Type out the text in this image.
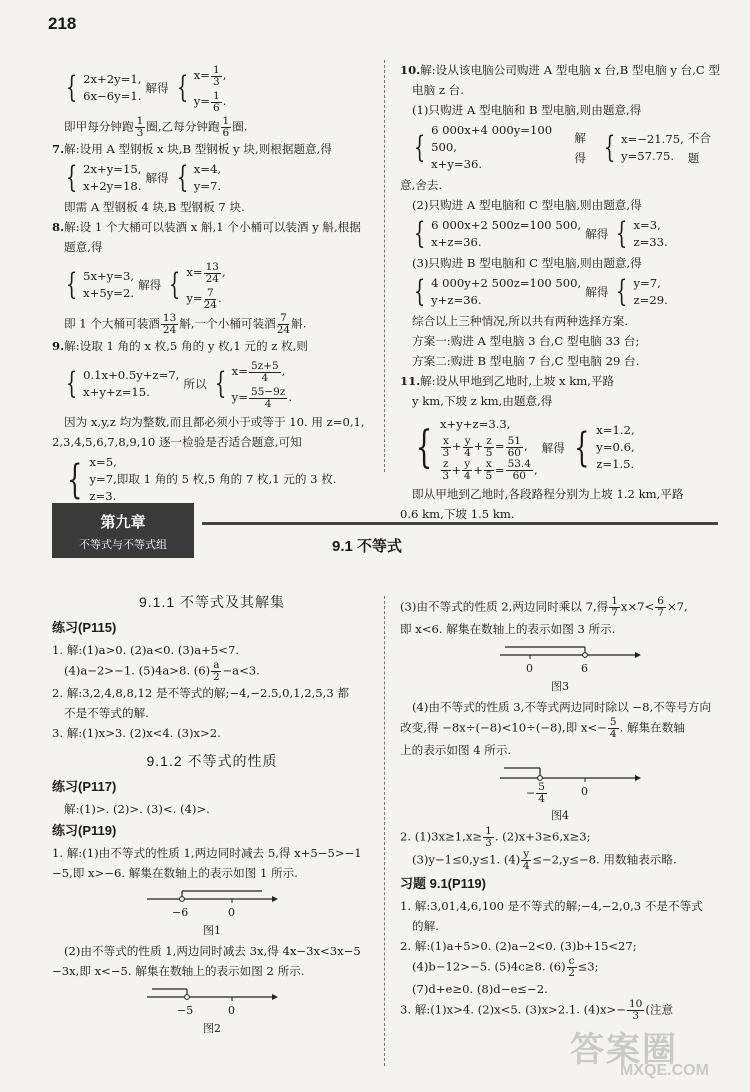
218
{ 2x+2y=1,
6x−6y=1.
解得 { $x= \frac{1}{3}$ ,
$y= \frac{1}{6}$ .

即甲每分钟跑 $\frac{1}{3}$ 圈,乙每分钟跑 $\frac{1}{6}$ 圈.

7.解:设用 A 型钢板 x 块,B 型钢板 y 块,则根据题意,得

{ 2x+y=15,
x+2y=18.
解得 { x=4,
y=7.

即需 A 型钢板 4 块,B 型钢板 7 块.

8.解:设 1 个大桶可以装酒 x 斛,1 个小桶可以装酒 y 斛,根据

题意,得

{ 5x+y=3,
x+5y=2.
解得 { $x= \frac{13}{24}$ ,
$y= \frac{7}{24}$ .

即 1 个大桶可装酒 $\frac{13}{24}$ 斛,一个小桶可装酒 $\frac{7}{24}$ 斛.

9.解:设取 1 角的 x 枚,5 角的 y 枚,1 元的 z 枚,则

{ 0.1x+0.5y+z=7,
x+y+z=15.
所以 { $x= \frac{5z+5}{4}$ ,
$y= \frac{55-9z}{4}$ .

因为 x,y,z 均为整数,而且都必须小于或等于 10. 用 z=0,1,

2,3,4,5,6,7,8,9,10 逐一检验是否适合题意,可知

{ x=5,
y=7,即取 1 角的 5 枚,5 角的 7 枚,1 元的 3 枚.
z=3.

10.解:设从该电脑公司购进 A 型电脑 x 台,B 型电脑 y 台,C 型

电脑 z 台.

(1)只购进 A 型电脑和 B 型电脑,则由题意,得

{ 6 000x+4 000y=100 500,
x+y=36.
解得 { x=−21.75,
y=57.75.
不合题

意,舍去.

(2)只购进 A 型电脑和 C 型电脑,则由题意,得

{ 6 000x+2 500z=100 500,
x+z=36.
解得 { x=3,
z=33.

(3)只购进 B 型电脑和 C 型电脑,则由题意,得

{ 4 000y+2 500z=100 500,
y+z=36.
解得 { y=7,
z=29.

综合以上三种情况,所以共有两种选择方案.

方案一:购进 A 型电脑 3 台,C 型电脑 33 台;

方案二:购进 B 型电脑 7 台,C 型电脑 29 台.

11.解:设从甲地到乙地时,上坡 x km,平路

y km,下坡 z km,由题意,得

{ x+y+z=3.3,
$\frac{x}{3} + \frac{y}{4} + \frac{z}{5} = \frac{51}{60}$ ,
$\frac{z}{3} + \frac{y}{4} + \frac{x}{5} = \frac{53.4}{60}$ ,
解得 { x=1.2,
y=0.6,
z=1.5.

即从甲地到乙地时,各段路程分别为上坡 1.2 km,平路

0.6 km,下坡 1.5 km.

第九章
不等式与不等式组	9.1 不等式
9.1.1 不等式及其解集
练习(P115)

1. 解:(1)a>0. (2)a<0. (3)a+5<7.

(4)a−2>−1. (5)4a>8. $(6) \frac{a}{2} -a<3$.

2. 解:3,2,4,8,8,12 是不等式的解;−4,−2.5,0,1,2,5,3 都

不是不等式的解.

3. 解:(1)x>3. (2)x<4. (3)x>2.

9.1.2 不等式的性质
练习(P117)

解:(1)>. (2)>. (3)<. (4)>.

练习(P119)

1. 解:(1)由不等式的性质 1,两边同时减去 5,得 x+5−5>−1

−5,即 x>−6. 解集在数轴上的表示如图 1 所示.

−6	0

图1

(2)由不等式的性质 1,两边同时减去 3x,得 4x−3x<3x−5

−3x,即 x<−5. 解集在数轴上的表示如图 2 所示.

−5	0

图2

(3)由不等式的性质 2,两边同时乘以 7,得 $\frac{1}{7} x\times 7< \frac{6}{7} \times 7$,

即 x<6. 解集在数轴上的表示如图 3 所示.

0	6

图3

(4)由不等式的性质 3,不等式两边同时除以 −8,不等号方向

改变,得 −8x÷(−8)<10÷(−8),即 $x<- \frac{5}{4}$ . 解集在数轴

上的表示如图 4 所示.

− $\frac{5}{4}$	0

图4

2. $(1)3x\ge 1,x\ge \frac{1}{3}$ . (2)x+3≥6,x≥3;

(3)y−1≤0,y≤1. $(4) \frac{y}{4} \le-2,y\le-8$. 用数轴表示略.

习题 9.1(P119)

1. 解:3,01,4,6,100 是不等式的解;−4,−2,0,3 不是不等式

的解.

2. 解:(1)a+5>0. (2)a−2<0. (3)b+15<27;

(4)b−12>−5. (5)4c≥8. $(6) \frac{c}{2} \le 3$;

(7)d+e≥0. (8)d−e≤−2.

3. 解:(1)x>4. (2)x<5. (3)x>2.1. $(4)x>- \frac{10}{3}$ (注意

答案圈
MXQE.COM
